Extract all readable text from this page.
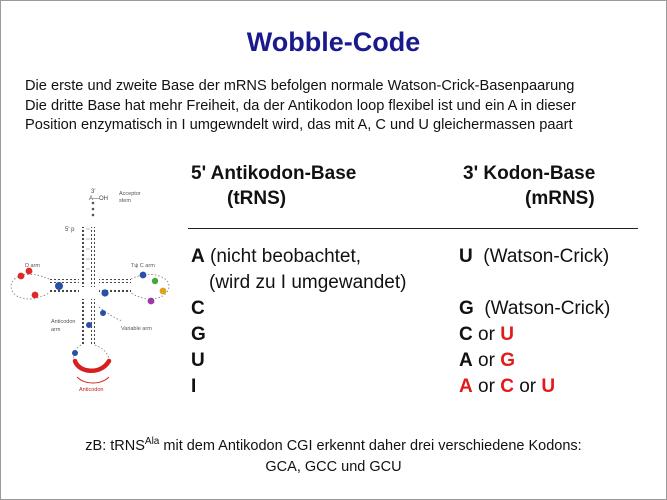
Wobble-Code
Die erste und zweite Base der mRNS befolgen normale Watson-Crick-Basenpaarung
Die dritte Base hat mehr Freiheit, da der Antikodon loop flexibel ist und ein A in dieser
Position enzymatisch in I umgewndelt wird, das mit A, C und U gleichermassen paart
3'
A—OH
Acceptor
stem
5' p
D arm	Tψ C arm
Variable arm
Anticodon
arm
Anticodon
5' Antikodon-Base
(tRNS)
3' Kodon-Base
(mRNS)
A (nicht beobachtet,
(wird zu I umgewandet)
C
G
U
I
U (Watson-Crick)

G (Watson-Crick)
C or U
A or G
A or C or U
zB: tRNS$^{Ala}$ mit dem Antikodon CGI erkennt daher drei verschiedene Kodons:
GCA, GCC und GCU
